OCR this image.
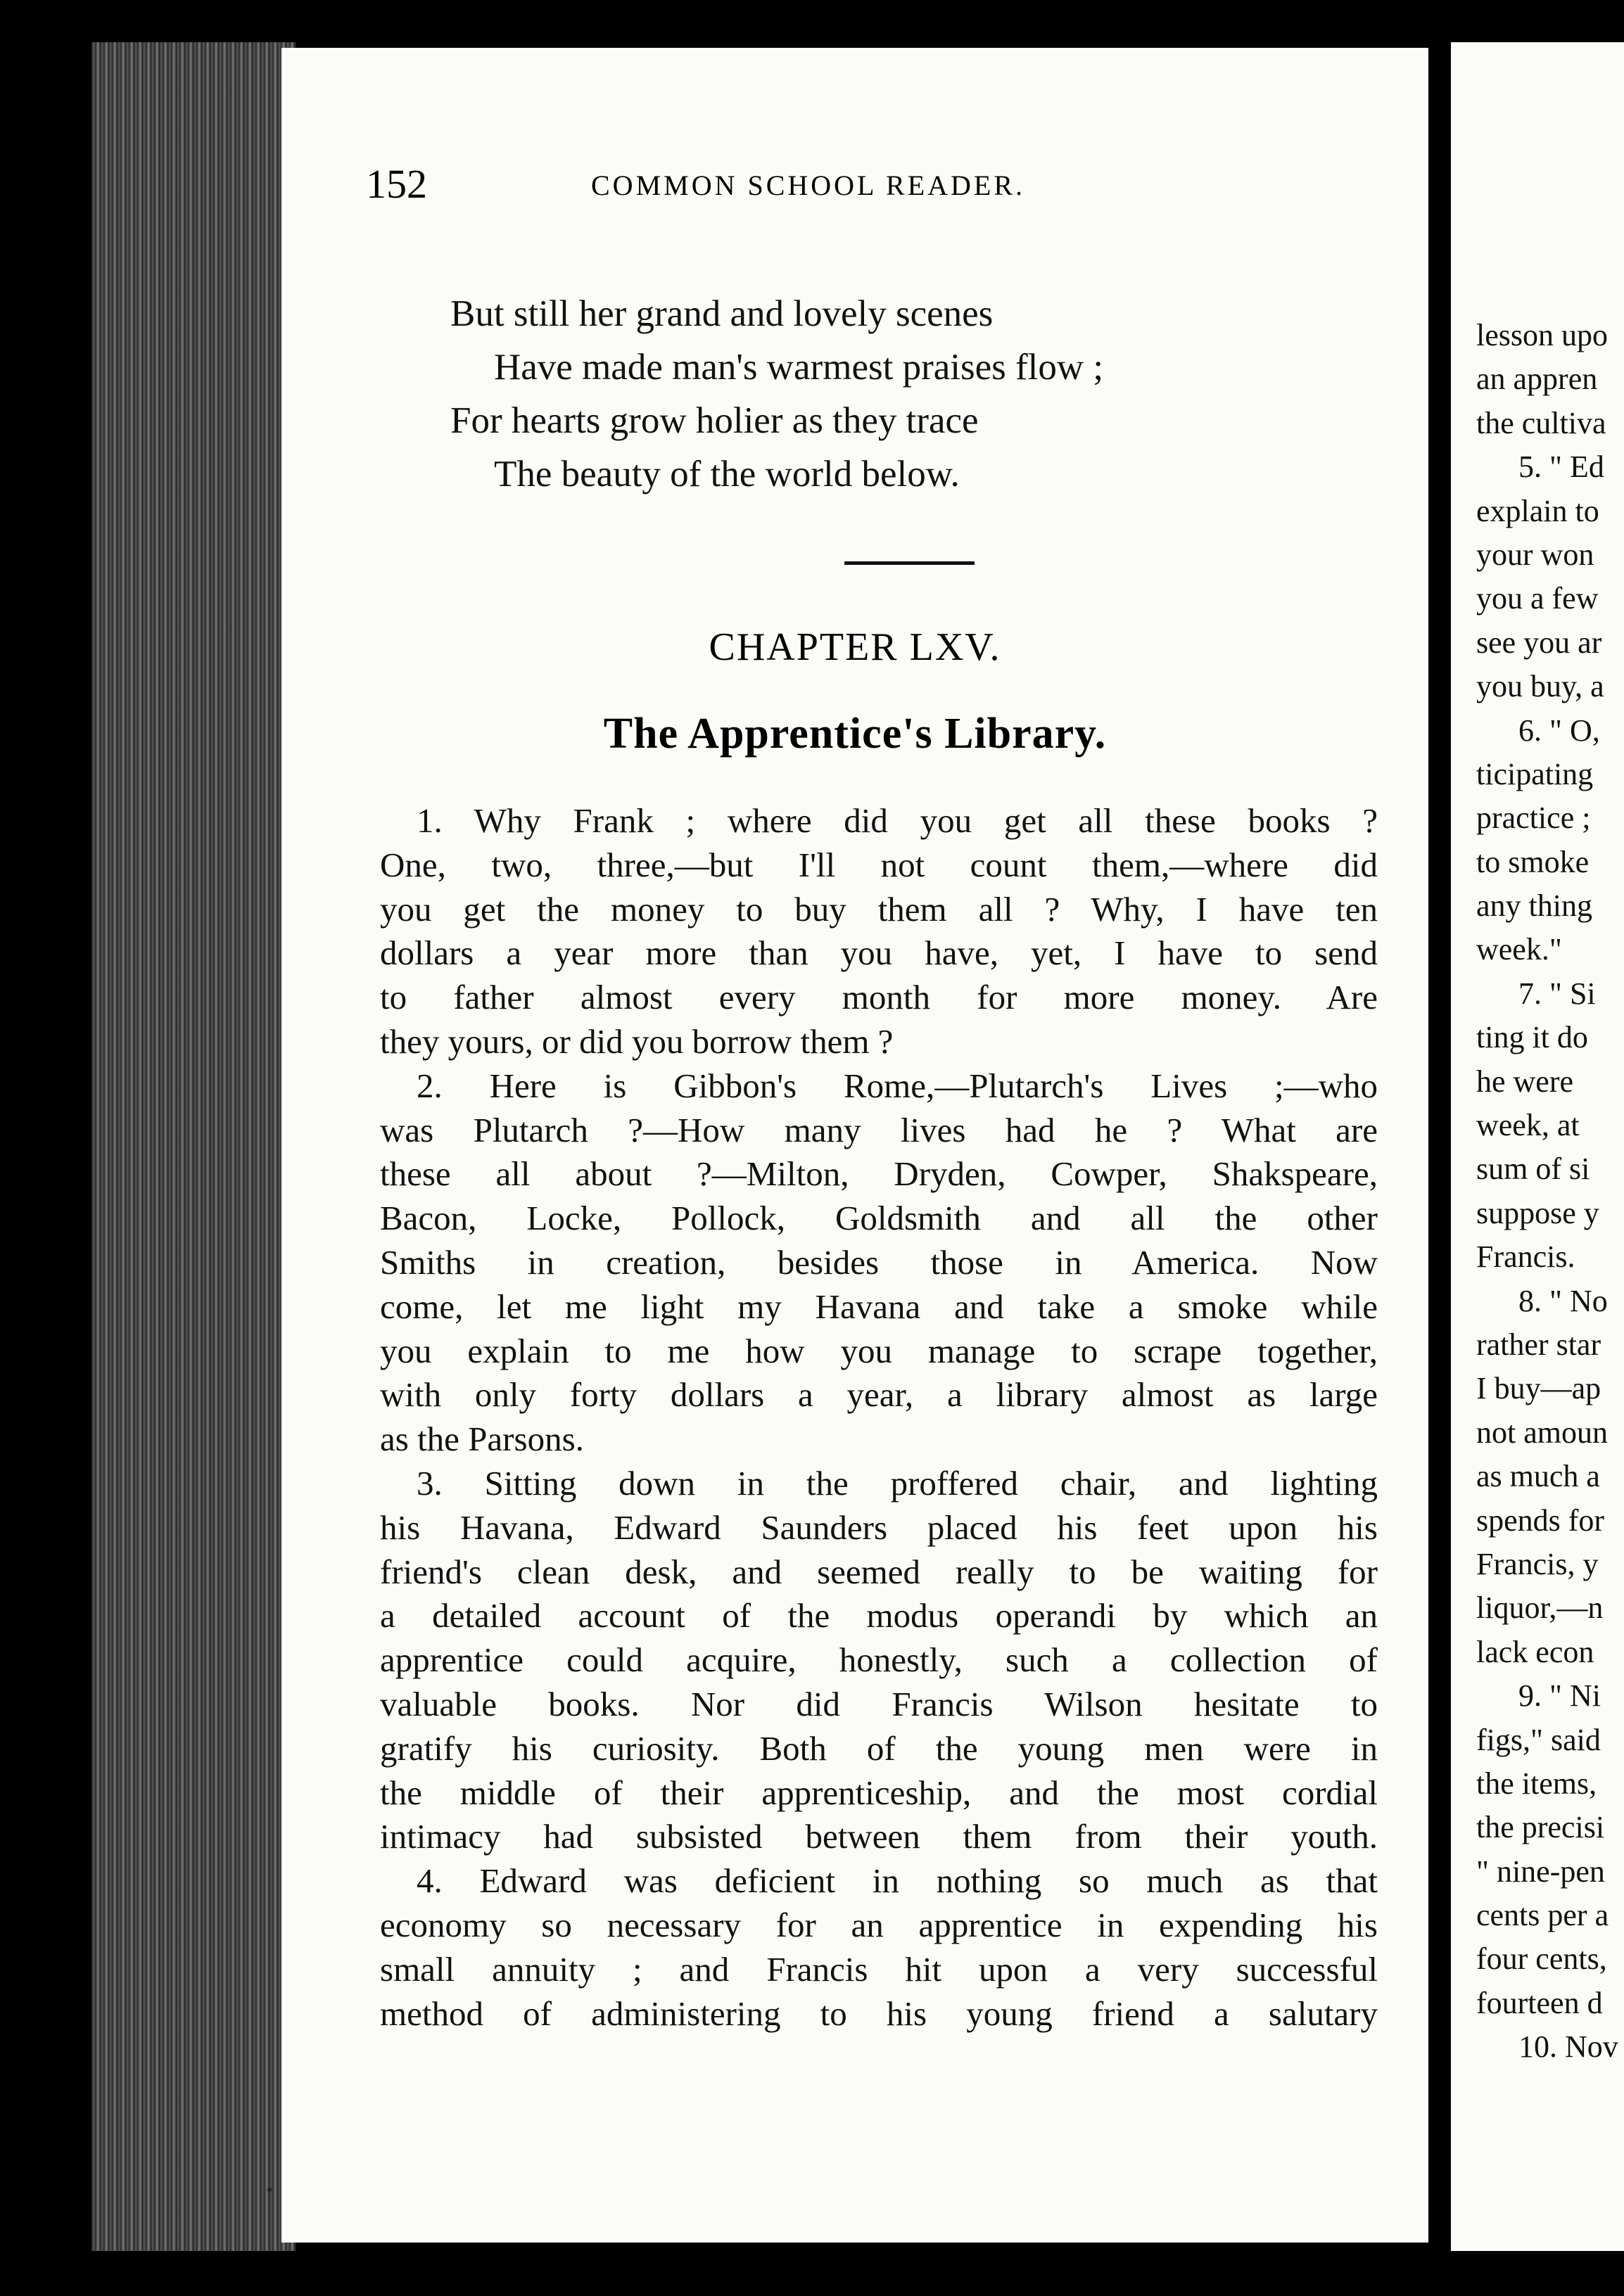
152	COMMON SCHOOL READER.
But still her grand and lovely scenes
Have made man's warmest praises flow ;
For hearts grow holier as they trace
The beauty of the world below.
CHAPTER LXV.
The Apprentice's Library.
1. Why Frank ; where did you get all these books ?
One, two, three,—but I'll not count them,—where did
you get the money to buy them all ? Why, I have ten
dollars a year more than you have, yet, I have to send
to father almost every month for more money. Are
they yours, or did you borrow them ?
2. Here is Gibbon's Rome,—Plutarch's Lives ;—who
was Plutarch ?—How many lives had he ? What are
these all about ?—Milton, Dryden, Cowper, Shakspeare,
Bacon, Locke, Pollock, Goldsmith and all the other
Smiths in creation, besides those in America. Now
come, let me light my Havana and take a smoke while
you explain to me how you manage to scrape together,
with only forty dollars a year, a library almost as large
as the Parsons.
3. Sitting down in the proffered chair, and lighting
his Havana, Edward Saunders placed his feet upon his
friend's clean desk, and seemed really to be waiting for
a detailed account of the modus operandi by which an
apprentice could acquire, honestly, such a collection of
valuable books. Nor did Francis Wilson hesitate to
gratify his curiosity. Both of the young men were in
the middle of their apprenticeship, and the most cordial
intimacy had subsisted between them from their youth.
4. Edward was deficient in nothing so much as that
economy so necessary for an apprentice in expending his
small annuity ; and Francis hit upon a very successful
method of administering to his young friend a salutary
lesson upo
an appren
the cultiva
5. " Ed
explain to
your won
you a few
see you ar
you buy, a
6. " O,
ticipating
practice ;
to smoke
any thing
week."
7. " Si
ting it do
he were
week, at
sum of si
suppose y
Francis.
8. " No
rather star
I buy—ap
not amoun
as much a
spends for
Francis, y
liquor,—n
lack econ
9. " Ni
figs," said
the items,
the precisi
" nine-pen
cents per a
four cents,
fourteen d
10. Nov
